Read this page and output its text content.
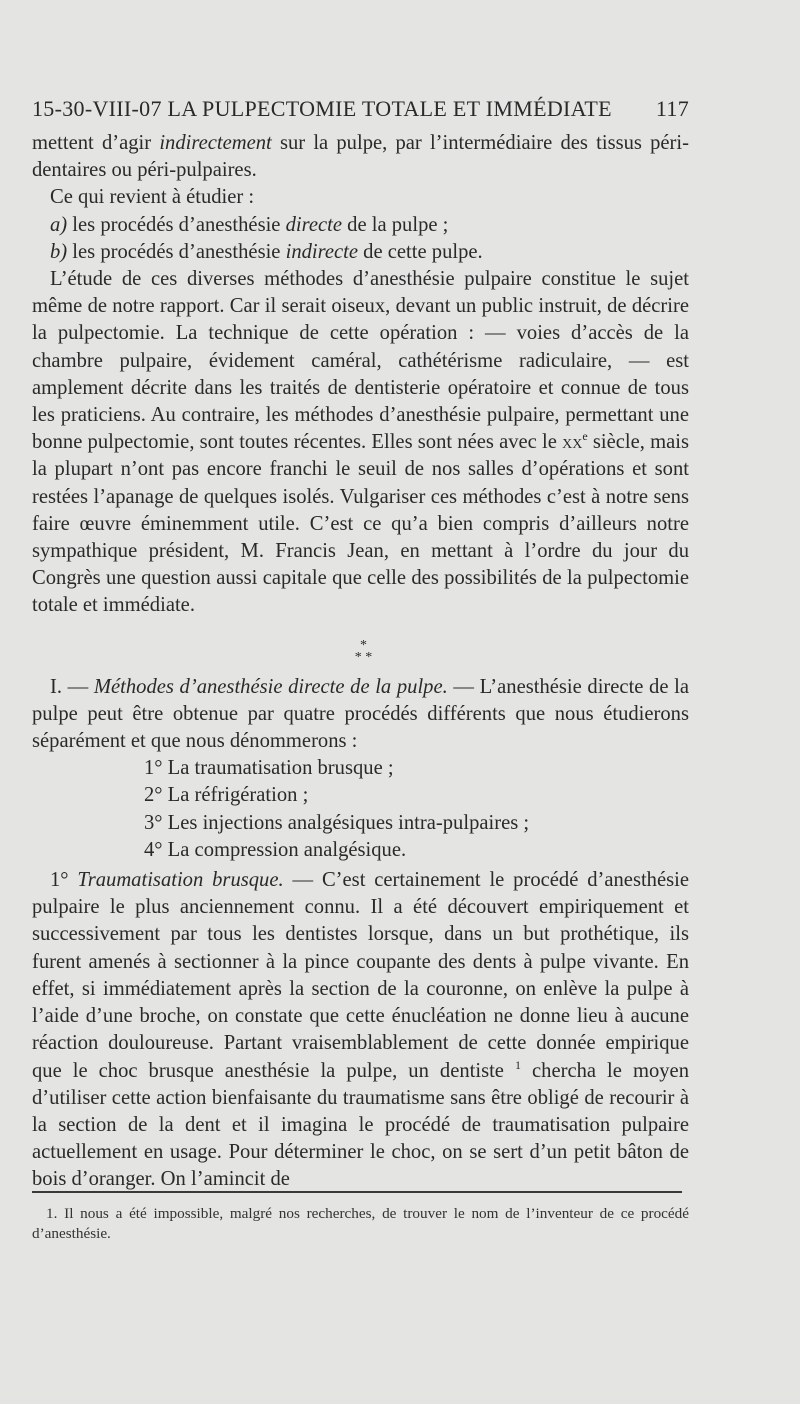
15-30-VIII-07 LA PULPECTOMIE TOTALE ET IMMÉDIATE 117

mettent d’agir indirectement sur la pulpe, par l’intermédiaire des tissus péri-dentaires ou péri-pulpaires.

Ce qui revient à étudier :

a) les procédés d’anesthésie directe de la pulpe ;

b) les procédés d’anesthésie indirecte de cette pulpe.

L’étude de ces diverses méthodes d’anesthésie pulpaire constitue le sujet même de notre rapport. Car il serait oiseux, devant un public instruit, de décrire la pulpectomie. La technique de cette opération : — voies d’accès de la chambre pulpaire, évidement caméral, cathétérisme radiculaire, — est amplement décrite dans les traités de dentisterie opératoire et connue de tous les praticiens. Au contraire, les méthodes d’anesthésie pulpaire, permettant une bonne pulpectomie, sont toutes récentes. Elles sont nées avec le $xx^e$ siècle, mais la plupart n’ont pas encore franchi le seuil de nos salles d’opérations et sont restées l’apanage de quelques isolés. Vulgariser ces méthodes c’est à notre sens faire œuvre éminemment utile. C’est ce qu’a bien compris d’ailleurs notre sympathique président, M. Francis Jean, en mettant à l’ordre du jour du Congrès une question aussi capitale que celle des possibilités de la pulpectomie totale et immédiate.

*
* *

I. — Méthodes d’anesthésie directe de la pulpe. — L’anesthésie directe de la pulpe peut être obtenue par quatre procédés différents que nous étudierons séparément et que nous dénommerons :

1° La traumatisation brusque ;
2° La réfrigération ;
3° Les injections analgésiques intra-pulpaires ;
4° La compression analgésique.

1° Traumatisation brusque. — C’est certainement le procédé d’anesthésie pulpaire le plus anciennement connu. Il a été découvert empiriquement et successivement par tous les dentistes lorsque, dans un but prothétique, ils furent amenés à sectionner à la pince coupante des dents à pulpe vivante. En effet, si immédiatement après la section de la couronne, on enlève la pulpe à l’aide d’une broche, on constate que cette énucléation ne donne lieu à aucune réaction douloureuse. Partant vraisemblablement de cette donnée empirique que le choc brusque anesthésie la pulpe, un dentiste $^1$ chercha le moyen d’utiliser cette action bienfaisante du traumatisme sans être obligé de recourir à la section de la dent et il imagina le procédé de traumatisation pulpaire actuellement en usage. Pour déterminer le choc, on se sert d’un petit bâton de bois d’oranger. On l’amincit de

1. Il nous a été impossible, malgré nos recherches, de trouver le nom de l’inventeur de ce procédé d’anesthésie.
